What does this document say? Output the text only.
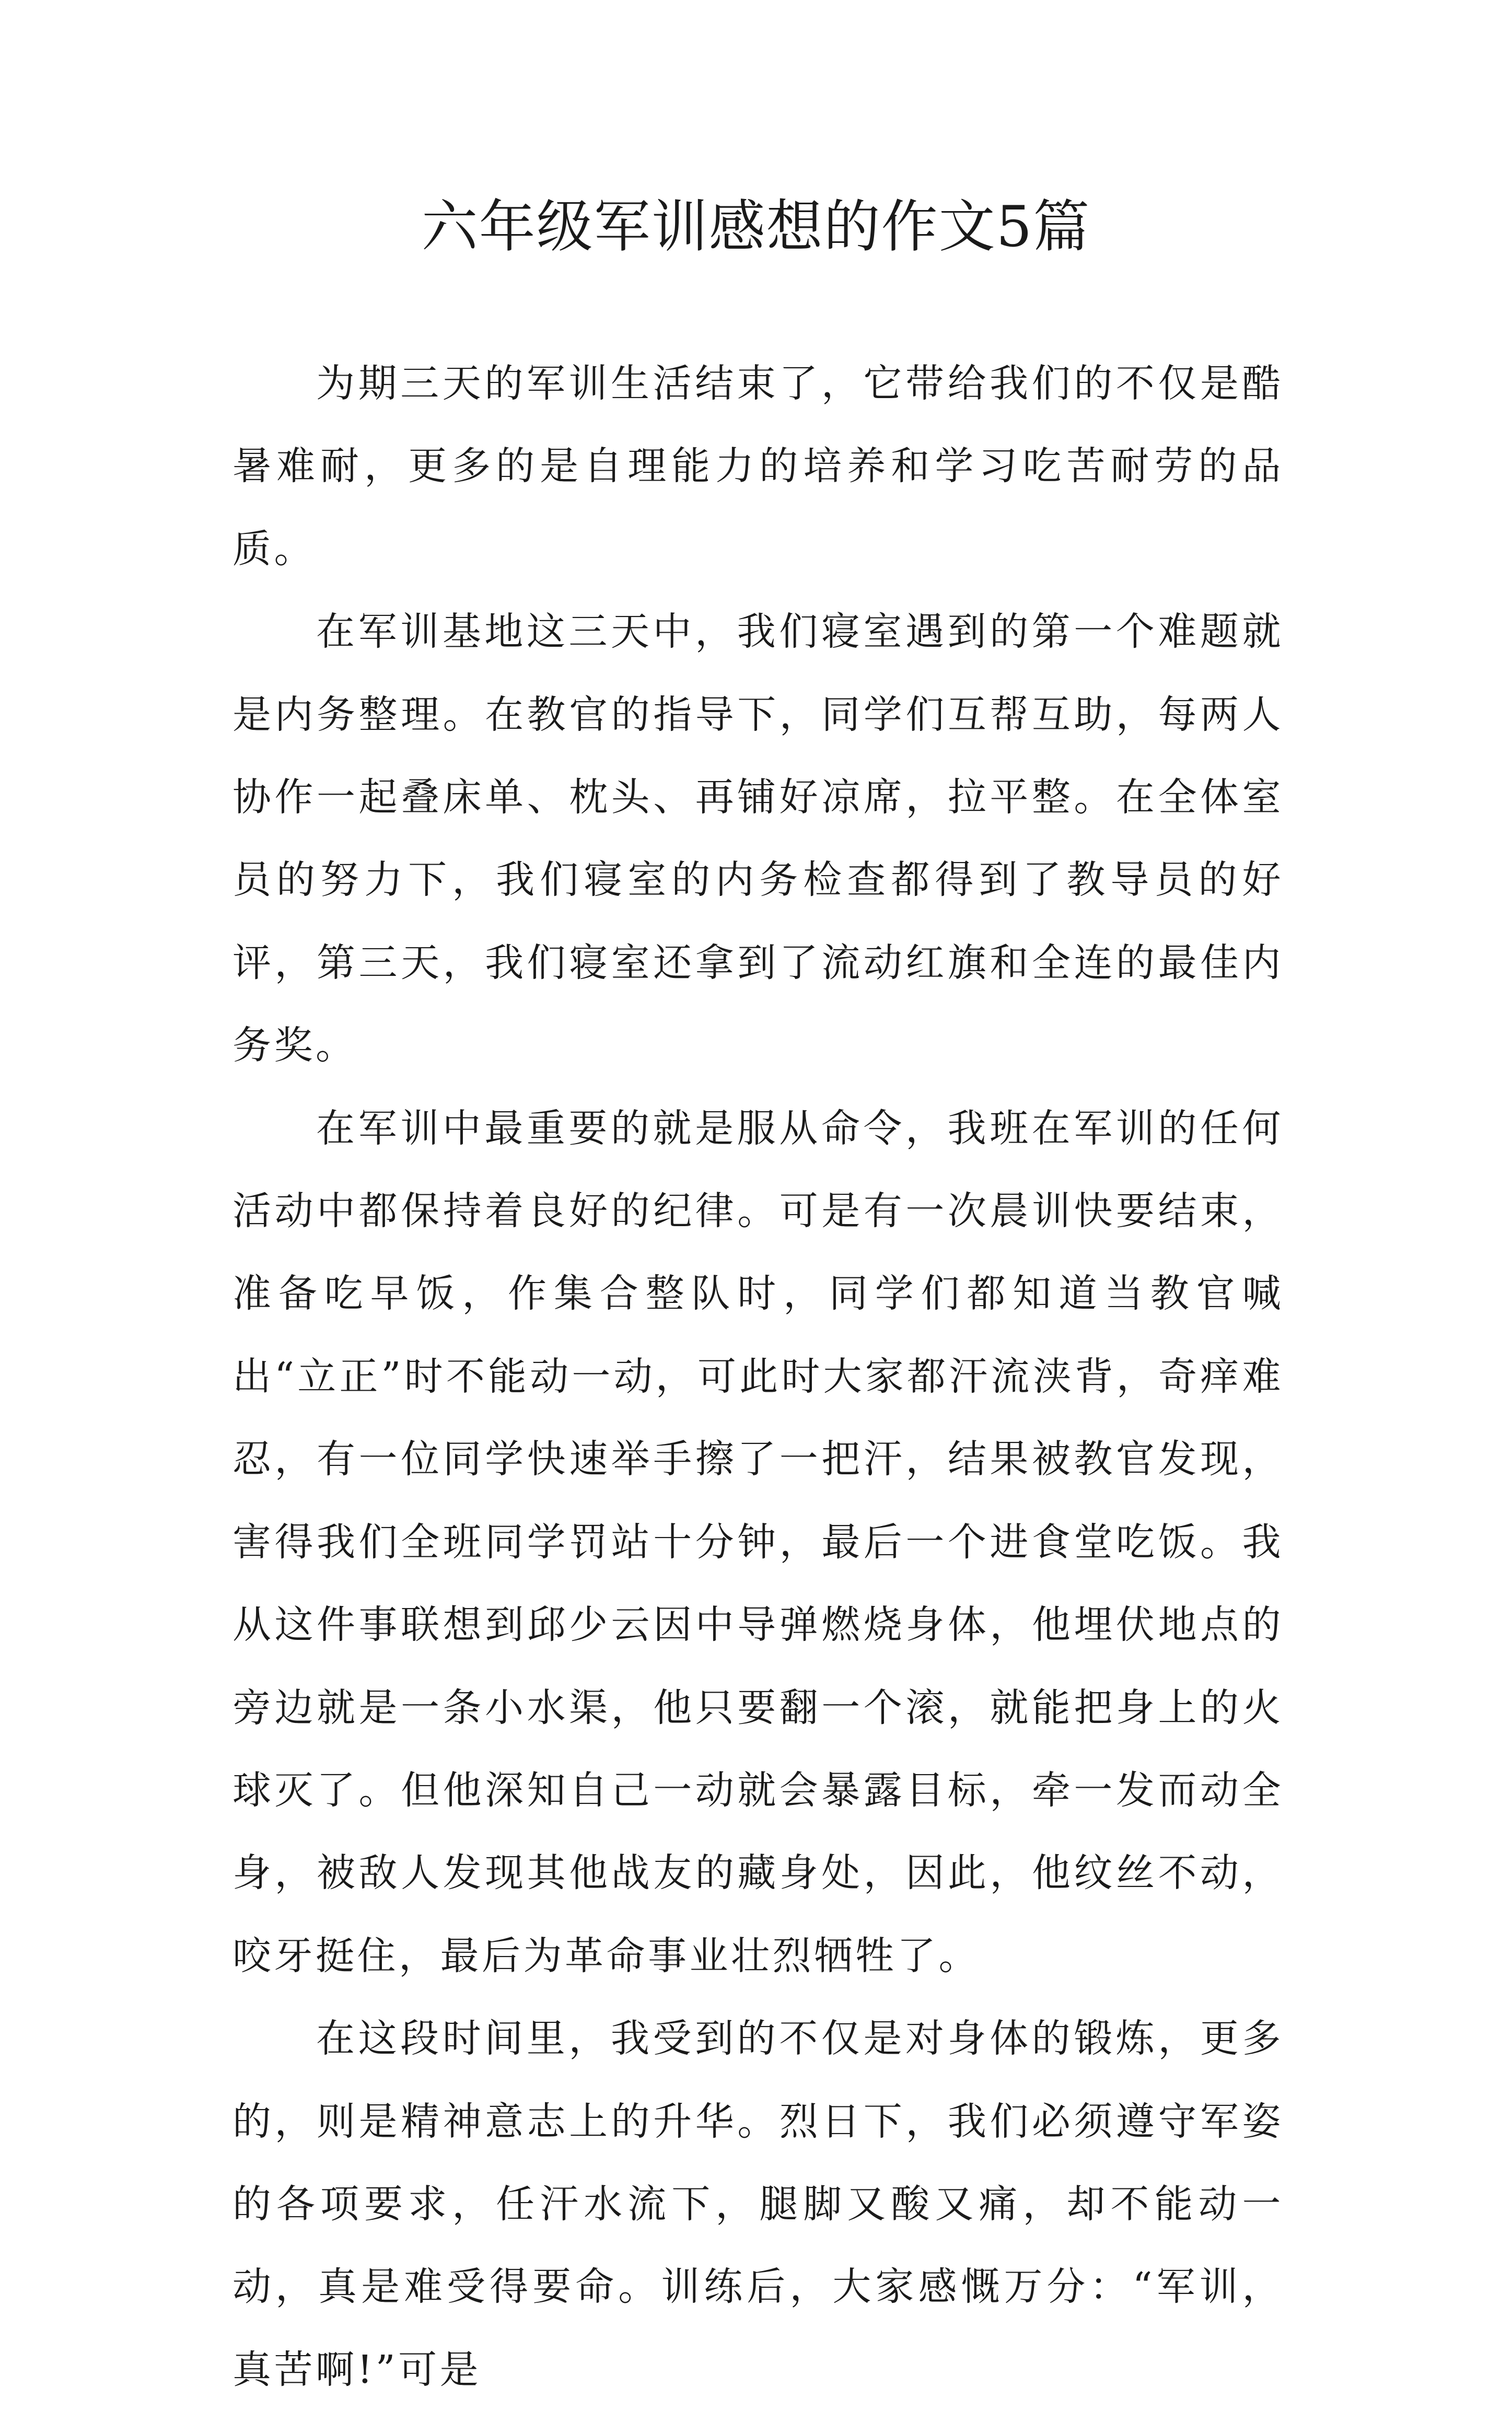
六年级军训感想的作文5篇

为期三天的军训生活结束了，它带给我们的不仅是酷暑难耐，更多的是自理能力的培养和学习吃苦耐劳的品质。

在军训基地这三天中，我们寝室遇到的第一个难题就是内务整理。在教官的指导下，同学们互帮互助，每两人协作一起叠床单、枕头、再铺好凉席，拉平整。在全体室员的努力下，我们寝室的内务检查都得到了教导员的好评，第三天，我们寝室还拿到了流动红旗和全连的最佳内务奖。

在军训中最重要的就是服从命令，我班在军训的任何活动中都保持着良好的纪律。可是有一次晨训快要结束，准备吃早饭，作集合整队时，同学们都知道当教官喊出“立正”时不能动一动，可此时大家都汗流浃背，奇痒难忍，有一位同学快速举手擦了一把汗，结果被教官发现，害得我们全班同学罚站十分钟，最后一个进食堂吃饭。我从这件事联想到邱少云因中导弹燃烧身体，他埋伏地点的旁边就是一条小水渠，他只要翻一个滚，就能把身上的火球灭了。但他深知自己一动就会暴露目标，牵一发而动全身，被敌人发现其他战友的藏身处，因此，他纹丝不动，咬牙挺住，最后为革命事业壮烈牺牲了。

在这段时间里，我受到的不仅是对身体的锻炼，更多的，则是精神意志上的升华。烈日下，我们必须遵守军姿的各项要求，任汗水流下，腿脚又酸又痛，却不能动一动，真是难受得要命。训练后，大家感慨万分：“军训，真苦啊!”可是
